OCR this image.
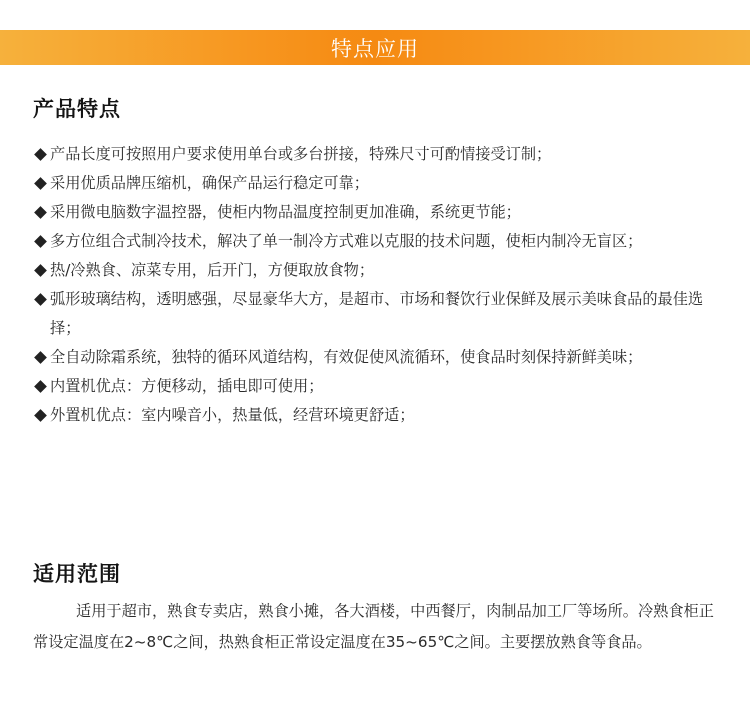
特点应用
产品特点
产品长度可按照用户要求使用单台或多台拼接，特殊尺寸可酌情接受订制；
采用优质品牌压缩机，确保产品运行稳定可靠；
采用微电脑数字温控器，使柜内物品温度控制更加准确，系统更节能；
多方位组合式制冷技术，解决了单一制冷方式难以克服的技术问题，使柜内制冷无盲区；
热/冷熟食、凉菜专用，后开门，方便取放食物；
弧形玻璃结构，透明感强，尽显豪华大方，是超市、市场和餐饮行业保鲜及展示美味食品的最佳选择；
全自动除霜系统，独特的循环风道结构，有效促使风流循环，使食品时刻保持新鲜美味；
内置机优点：方便移动，插电即可使用；
外置机优点：室内噪音小，热量低，经营环境更舒适；
适用范围

适用于超市，熟食专卖店，熟食小摊，各大酒楼，中西餐厅，肉制品加工厂等场所。冷熟食柜正常设定温度在2~8℃之间，热熟食柜正常设定温度在35~65℃之间。主要摆放熟食等食品。
